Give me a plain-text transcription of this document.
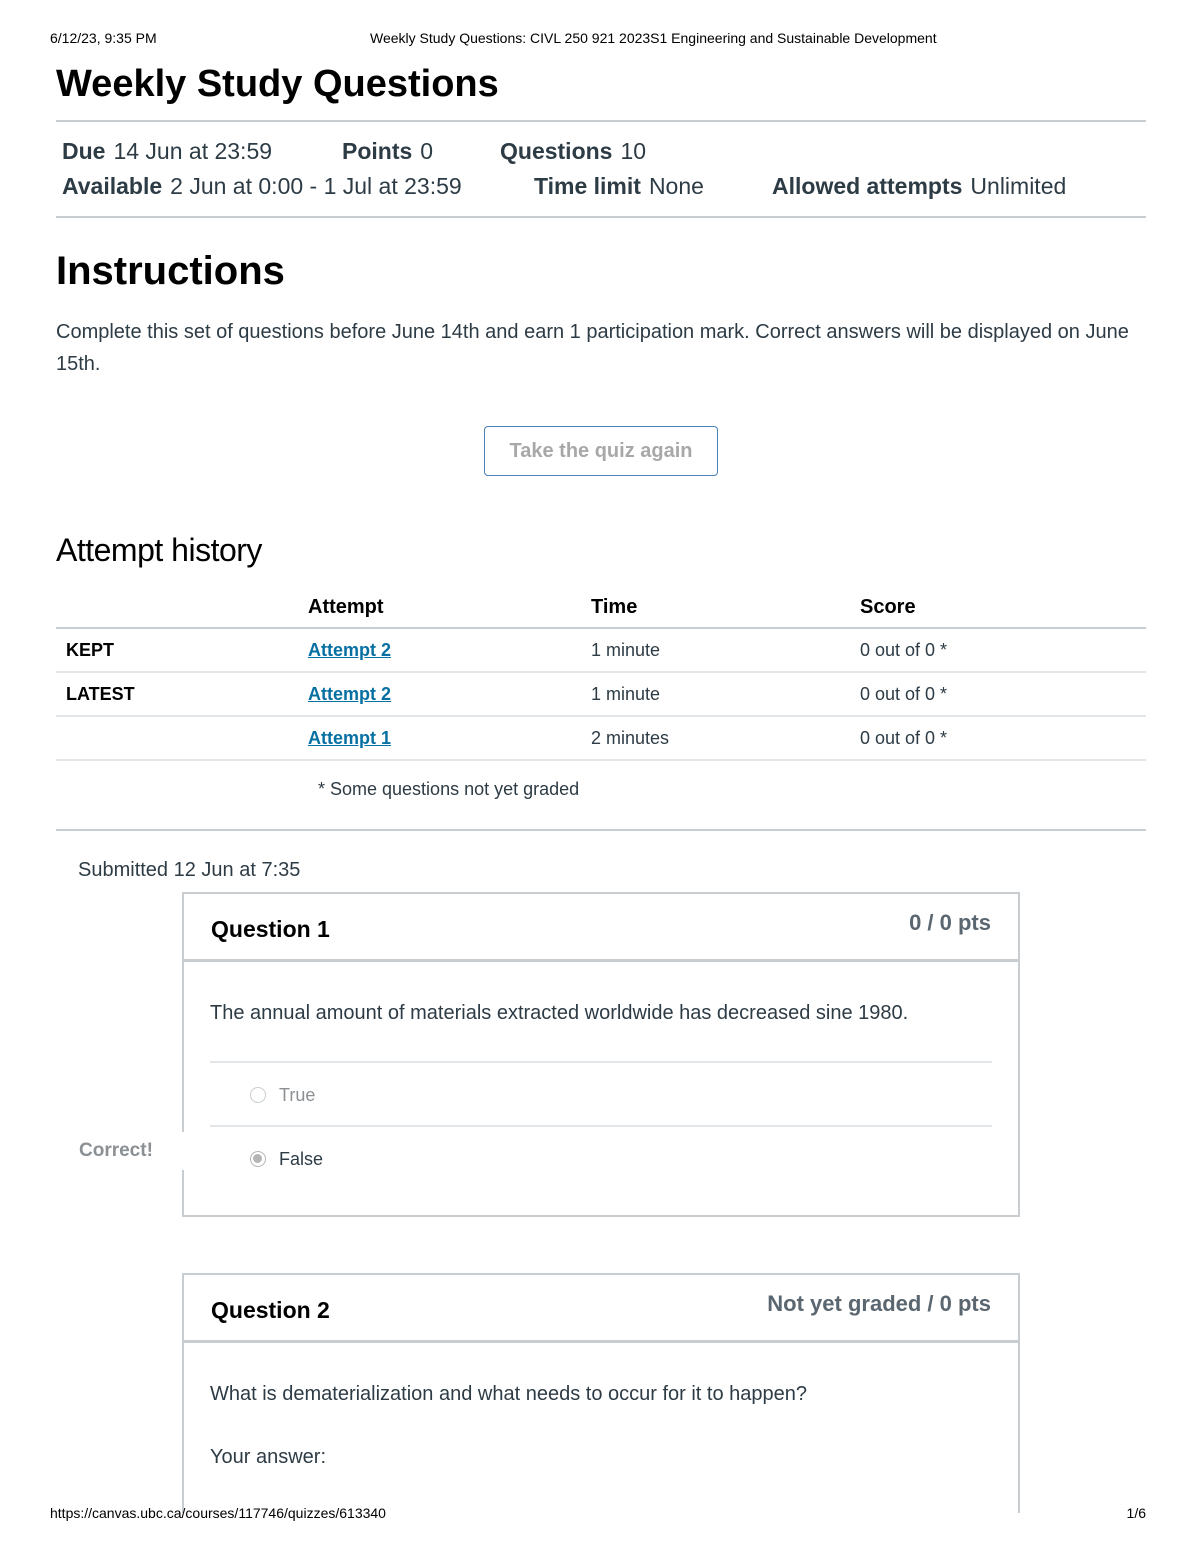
6/12/23, 9:35 PM	Weekly Study Questions: CIVL 250 921 2023S1 Engineering and Sustainable Development
Weekly Study Questions
Due 14 Jun at 23:59	Points 0	Questions 10
Available 2 Jun at 0:00 - 1 Jul at 23:59	Time limit None	Allowed attempts Unlimited
Instructions

Complete this set of questions before June 14th and earn 1 participation mark. Correct answers will be displayed on June 15th.

Take the quiz again
Attempt history
	Attempt	Time	Score
KEPT	Attempt 2	1 minute	0 out of 0 *
LATEST	Attempt 2	1 minute	0 out of 0 *
	Attempt 1	2 minutes	0 out of 0 *
* Some questions not yet graded
Submitted 12 Jun at 7:35
Question 1	0 / 0 pts
The annual amount of materials extracted worldwide has decreased sine 1980.
True
False
Correct!
Question 2	Not yet graded / 0 pts
What is dematerialization and what needs to occur for it to happen?
Your answer:
https://canvas.ubc.ca/courses/117746/quizzes/613340	1/6
